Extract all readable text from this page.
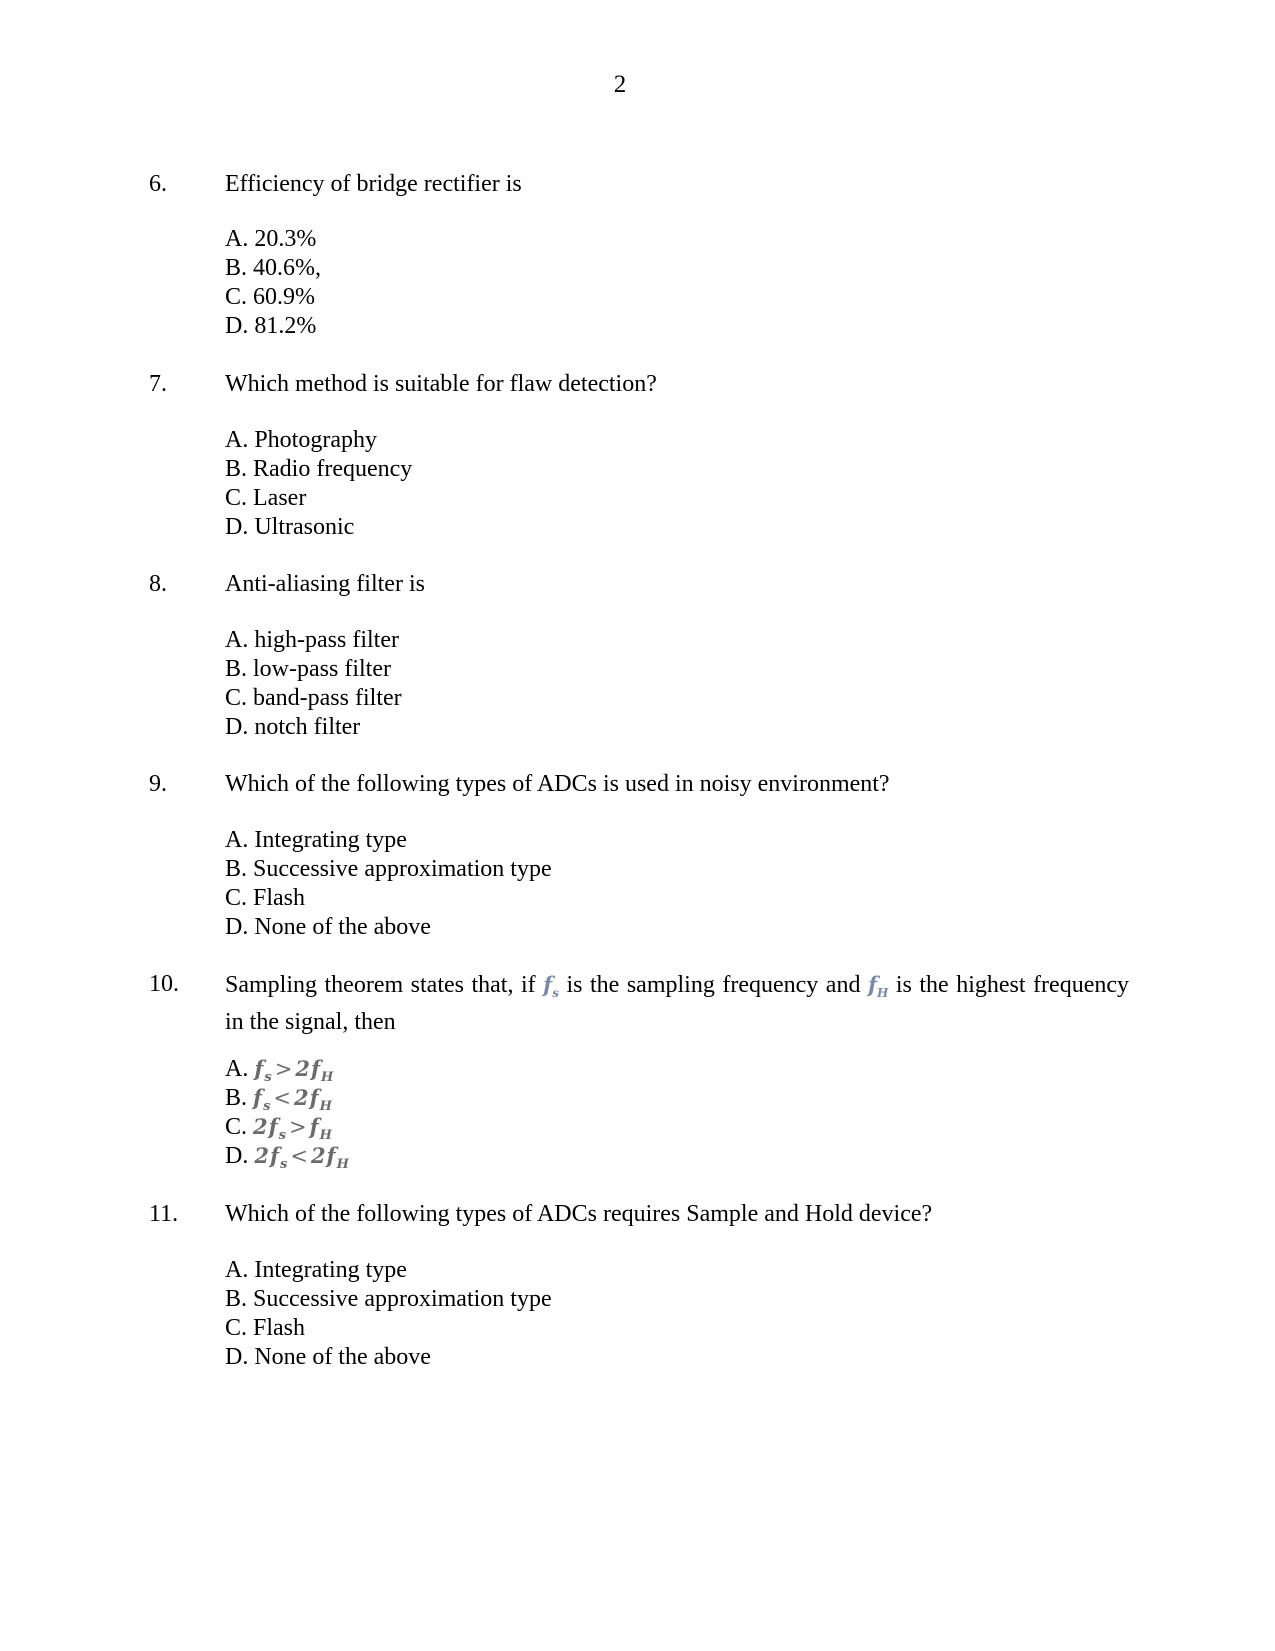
2
6. Efficiency of bridge rectifier is
A. 20.3%
B. 40.6%,
C. 60.9%
D. 81.2%
7. Which method is suitable for flaw detection?
A. Photography
B. Radio frequency
C. Laser
D. Ultrasonic
8. Anti-aliasing filter is
A. high-pass filter
B. low-pass filter
C. band-pass filter
D. notch filter
9. Which of the following types of ADCs is used in noisy environment?
A. Integrating type
B. Successive approximation type
C. Flash
D. None of the above
10. Sampling theorem states that, if $f_s$ is the sampling frequency and $f_H$ is the highest frequency in the signal, then
A. $f_s>2f_H$
B. $f_s<2f_H$
C. $2f_s>f_H$
D. $2f_s<2f_H$
11. Which of the following types of ADCs requires Sample and Hold device?
A. Integrating type
B. Successive approximation type
C. Flash
D. None of the above
